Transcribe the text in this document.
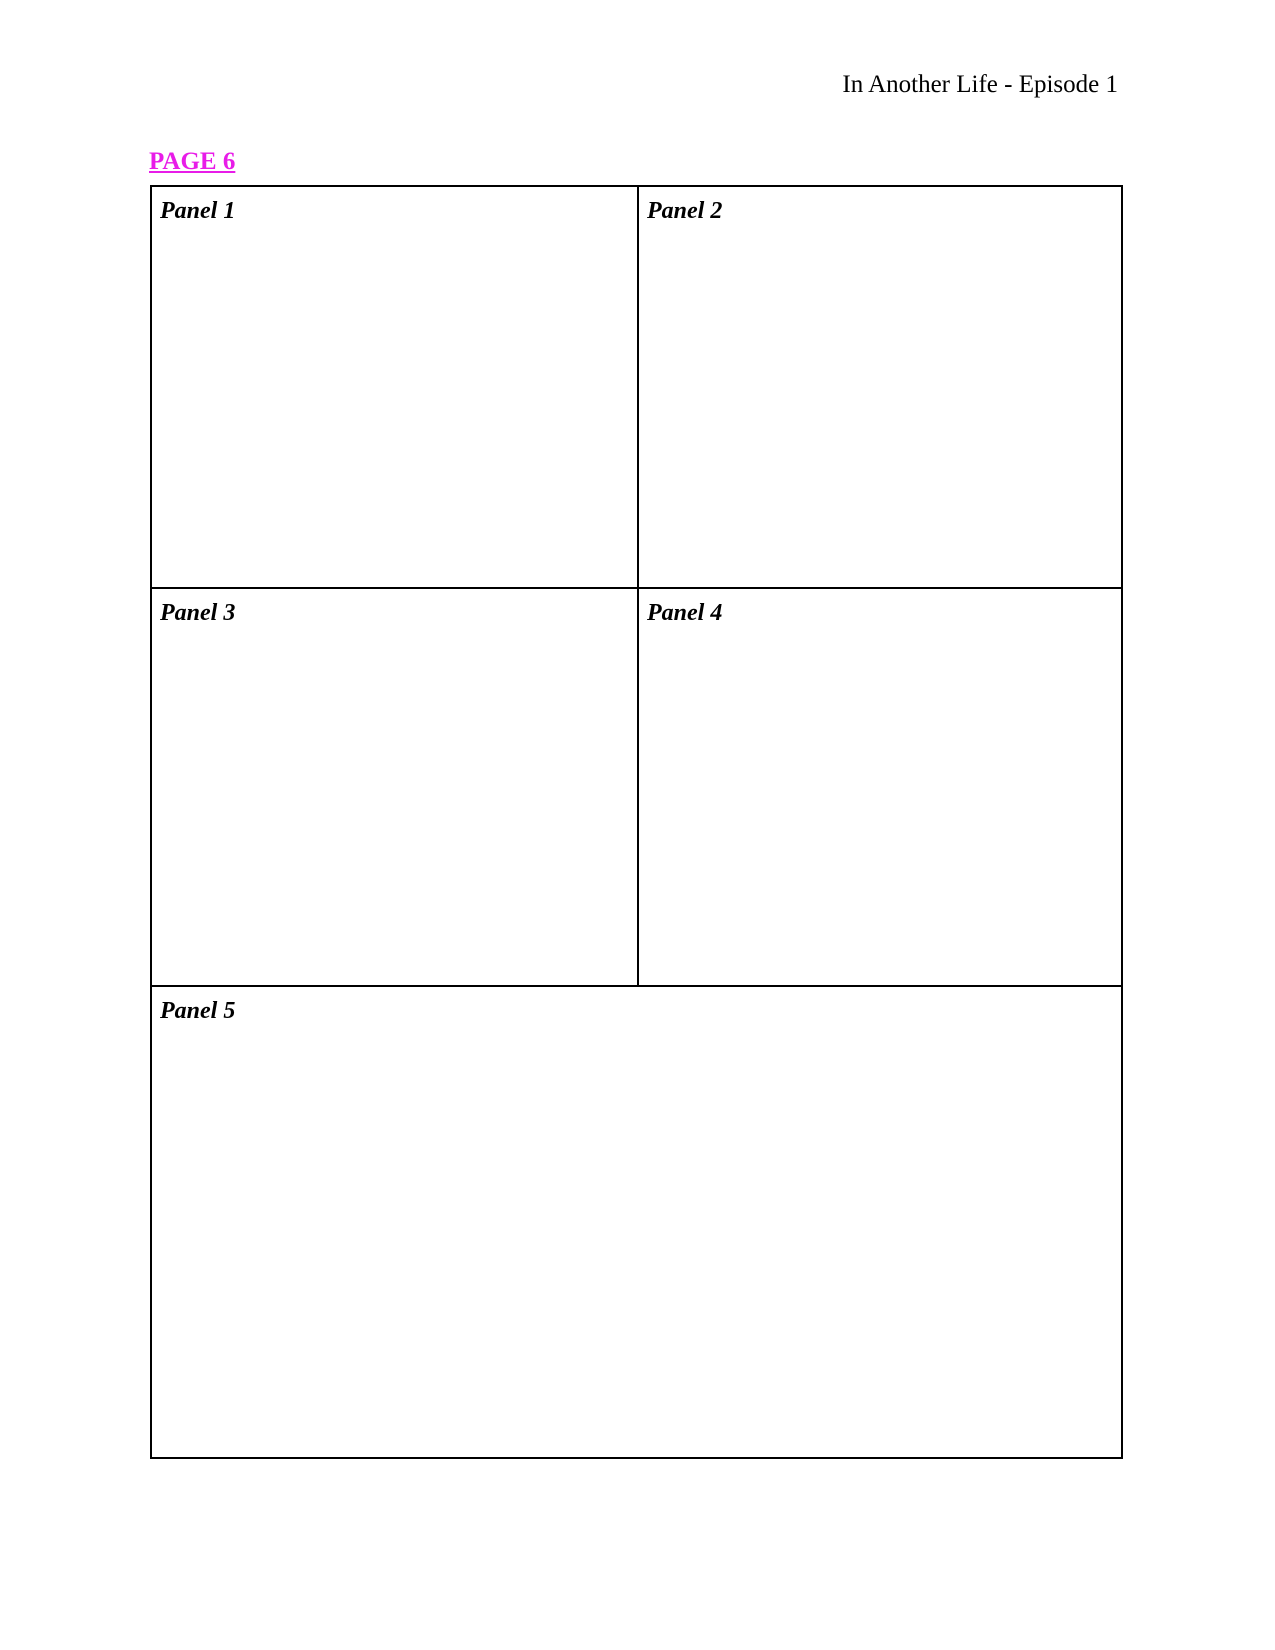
In Another Life - Episode 1
PAGE 6
Panel 1	Panel 2
Panel 3	Panel 4
Panel 5
